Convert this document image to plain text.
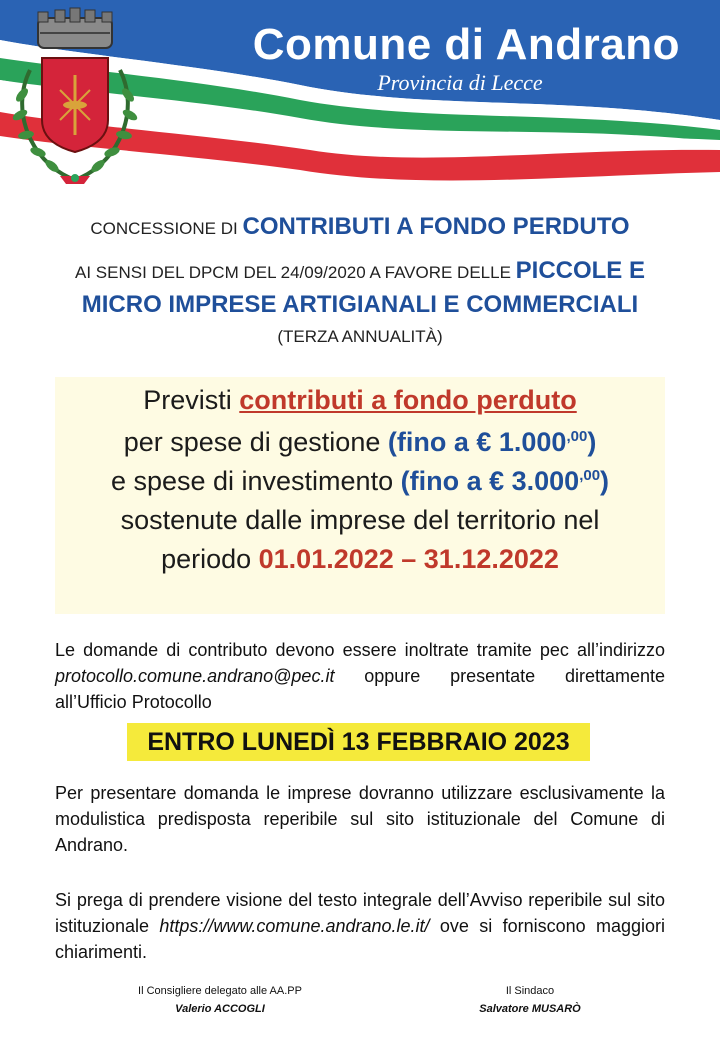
Comune di Andrano
Provincia di Lecce
CONCESSIONE DI CONTRIBUTI A FONDO PERDUTO
AI SENSI DEL DPCM DEL 24/09/2020 A FAVORE DELLE PICCOLE E
MICRO IMPRESE ARTIGIANALI E COMMERCIALI
(TERZA ANNUALITÀ)
Previsti contributi a fondo perduto
per spese di gestione (fino a € $1.000^{,00}$)
e spese di investimento (fino a € $3.000^{,00}$)
sostenute dalle imprese del territorio nel
periodo 01.01.2022 – 31.12.2022

Le domande di contributo devono essere inoltrate tramite pec all’indirizzo protocollo.comune.andrano@pec.it oppure presentate direttamente all’Ufficio Protocollo

ENTRO LUNEDÌ 13 FEBBRAIO 2023

Per presentare domanda le imprese dovranno utilizzare esclusivamente la modulistica predisposta reperibile sul sito istituzionale del Comune di Andrano.

Si prega di prendere visione del testo integrale dell’Avviso reperibile sul sito istituzionale https://www.comune.andrano.le.it/ ove si forniscono maggiori chiarimenti.

Il Consigliere delegato alle AA.PP
Valerio ACCOGLI
Il Sindaco
Salvatore MUSARÒ
